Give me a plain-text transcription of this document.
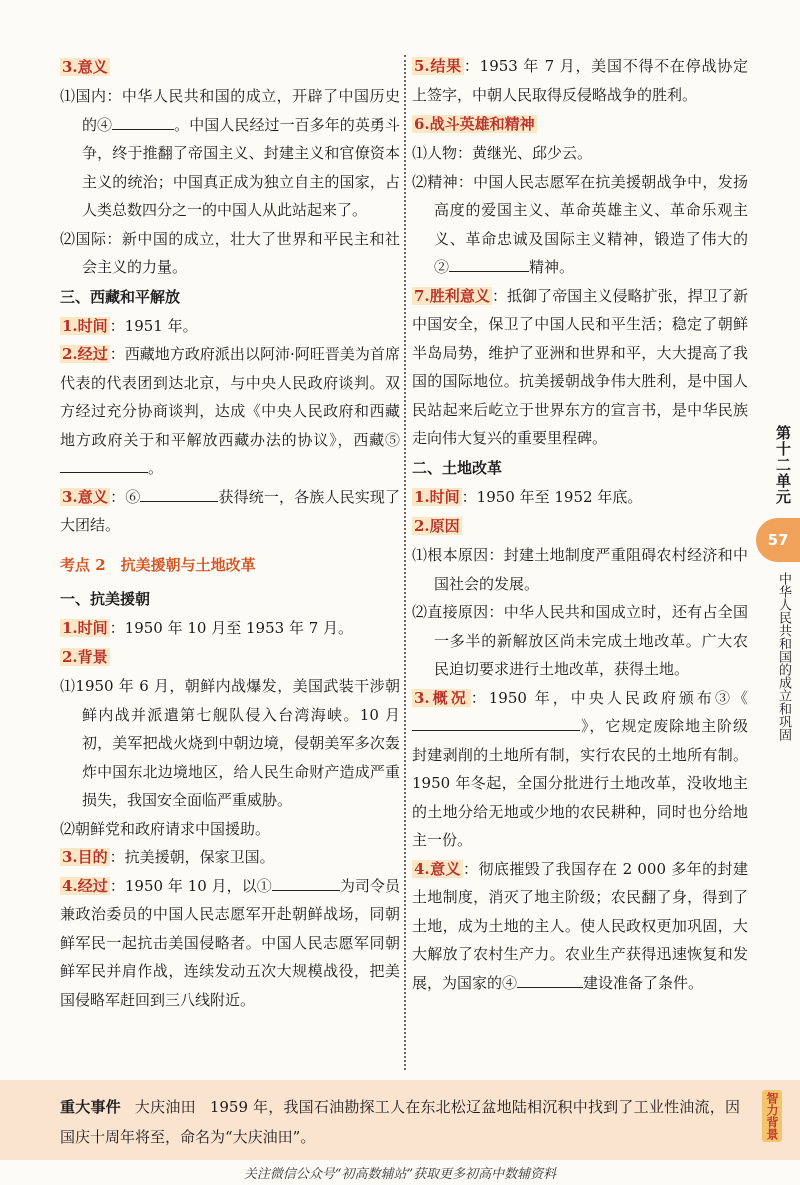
3.意义

⑴国内：中华人民共和国的成立，开辟了中国历史的④	。中国人民经过一百多年的英勇斗争，终于推翻了帝国主义、封建主义和官僚资本主义的统治；中国真正成为独立自主的国家，占人类总数四分之一的中国人从此站起来了。

⑵国际：新中国的成立，壮大了世界和平民主和社会主义的力量。

三、西藏和平解放

1.时间 ：1951 年。

2.经过 ：西藏地方政府派出以阿沛·阿旺晋美为首席代表的代表团到达北京，与中央人民政府谈判。双方经过充分协商谈判，达成《中央人民政府和西藏地方政府关于和平解放西藏办法的协议》，西藏⑤。

3.意义 ：⑥	获得统一，各族人民实现了大团结。

考点 2　抗美援朝与土地改革

一、抗美援朝

1.时间 ：1950 年 10 月至 1953 年 7 月。

2.背景

⑴1950 年 6 月，朝鲜内战爆发，美国武装干涉朝鲜内战并派遣第七舰队侵入台湾海峡。10 月初，美军把战火烧到中朝边境，侵朝美军多次轰炸中国东北边境地区，给人民生命财产造成严重损失，我国安全面临严重威胁。

⑵朝鲜党和政府请求中国援助。

3.目的 ：抗美援朝，保家卫国。

4.经过 ：1950 年 10 月，以①	为司令员兼政治委员的中国人民志愿军开赴朝鲜战场，同朝鲜军民一起抗击美国侵略者。中国人民志愿军同朝鲜军民并肩作战，连续发动五次大规模战役，把美国侵略军赶回到三八线附近。

5.结果 ：1953 年 7 月，美国不得不在停战协定上签字，中朝人民取得反侵略战争的胜利。

6.战斗英雄和精神

⑴人物：黄继光、邱少云。

⑵精神：中国人民志愿军在抗美援朝战争中，发扬高度的爱国主义、革命英雄主义、革命乐观主义、革命忠诚及国际主义精神，锻造了伟大的②	精神。

7.胜利意义 ：抵御了帝国主义侵略扩张，捍卫了新中国安全，保卫了中国人民和平生活；稳定了朝鲜半岛局势，维护了亚洲和世界和平，大大提高了我国的国际地位。抗美援朝战争伟大胜利，是中国人民站起来后屹立于世界东方的宣言书，是中华民族走向伟大复兴的重要里程碑。

二、土地改革

1.时间 ：1950 年至 1952 年底。

2.原因

⑴根本原因：封建土地制度严重阻碍农村经济和中国社会的发展。

⑵直接原因：中华人民共和国成立时，还有占全国一多半的新解放区尚未完成土地改革。广大农民迫切要求进行土地改革，获得土地。

3.概况 ：1950 年，中央人民政府颁布③《》，它规定废除地主阶级封建剥削的土地所有制，实行农民的土地所有制。1950 年冬起，全国分批进行土地改革，没收地主的土地分给无地或少地的农民耕种，同时也分给地主一份。

4.意义 ：彻底摧毁了我国存在 2 000 多年的封建土地制度，消灭了地主阶级；农民翻了身，得到了土地，成为土地的主人。使人民政权更加巩固，大大解放了农村生产力。农业生产获得迅速恢复和发展，为国家的④	建设准备了条件。

第十二单元
57
中华人民共和国的成立和巩固
重大事件 大庆油田 1959 年，我国石油勘探工人在东北松辽盆地陆相沉积中找到了工业性油流，因国庆十周年将至，命名为“大庆油田”。	智力背景
关注微信公众号“初高数辅站”获取更多初高中数辅资料
